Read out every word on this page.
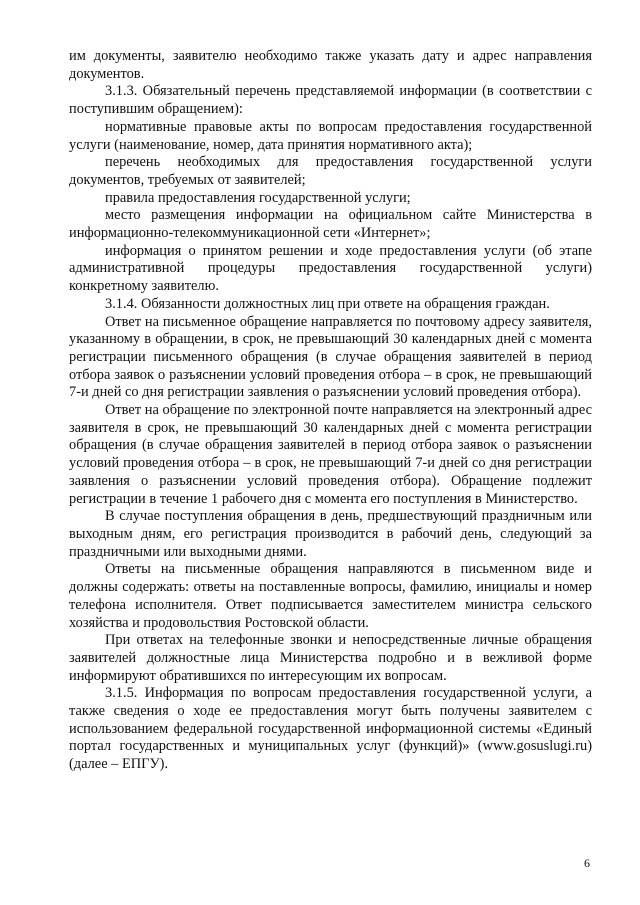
им документы, заявителю необходимо также указать дату и адрес направления документов.

3.1.3. Обязательный перечень представляемой информации (в соответствии с поступившим обращением):

нормативные правовые акты по вопросам предоставления государственной услуги (наименование, номер, дата принятия нормативного акта);

перечень необходимых для предоставления государственной услуги документов, требуемых от заявителей;

правила предоставления государственной услуги;

место размещения информации на официальном сайте Министерства в информационно-телекоммуникационной сети «Интернет»;

информация о принятом решении и ходе предоставления услуги (об этапе административной процедуры предоставления государственной услуги) конкретному заявителю.

3.1.4. Обязанности должностных лиц при ответе на обращения граждан.

Ответ на письменное обращение направляется по почтовому адресу заявителя, указанному в обращении, в срок, не превышающий 30 календарных дней с момента регистрации письменного обращения (в случае обращения заявителей в период отбора заявок о разъяснении условий проведения отбора – в срок, не превышающий 7-и дней со дня регистрации заявления о разъяснении условий проведения отбора).

Ответ на обращение по электронной почте направляется на электронный адрес заявителя в срок, не превышающий 30 календарных дней с момента регистрации обращения (в случае обращения заявителей в период отбора заявок о разъяснении условий проведения отбора – в срок, не превышающий 7-и дней со дня регистрации заявления о разъяснении условий проведения отбора). Обращение подлежит регистрации в течение 1 рабочего дня с момента его поступления в Министерство.

В случае поступления обращения в день, предшествующий праздничным или выходным дням, его регистрация производится в рабочий день, следующий за праздничными или выходными днями.

Ответы на письменные обращения направляются в письменном виде и должны содержать: ответы на поставленные вопросы, фамилию, инициалы и номер телефона исполнителя. Ответ подписывается заместителем министра сельского хозяйства и продовольствия Ростовской области.

При ответах на телефонные звонки и непосредственные личные обращения заявителей должностные лица Министерства подробно и в вежливой форме информируют обратившихся по интересующим их вопросам.

3.1.5. Информация по вопросам предоставления государственной услуги, а также сведения о ходе ее предоставления могут быть получены заявителем с использованием федеральной государственной информационной системы «Единый портал государственных и муниципальных услуг (функций)» (www.gosuslugi.ru) (далее – ЕПГУ).

6
